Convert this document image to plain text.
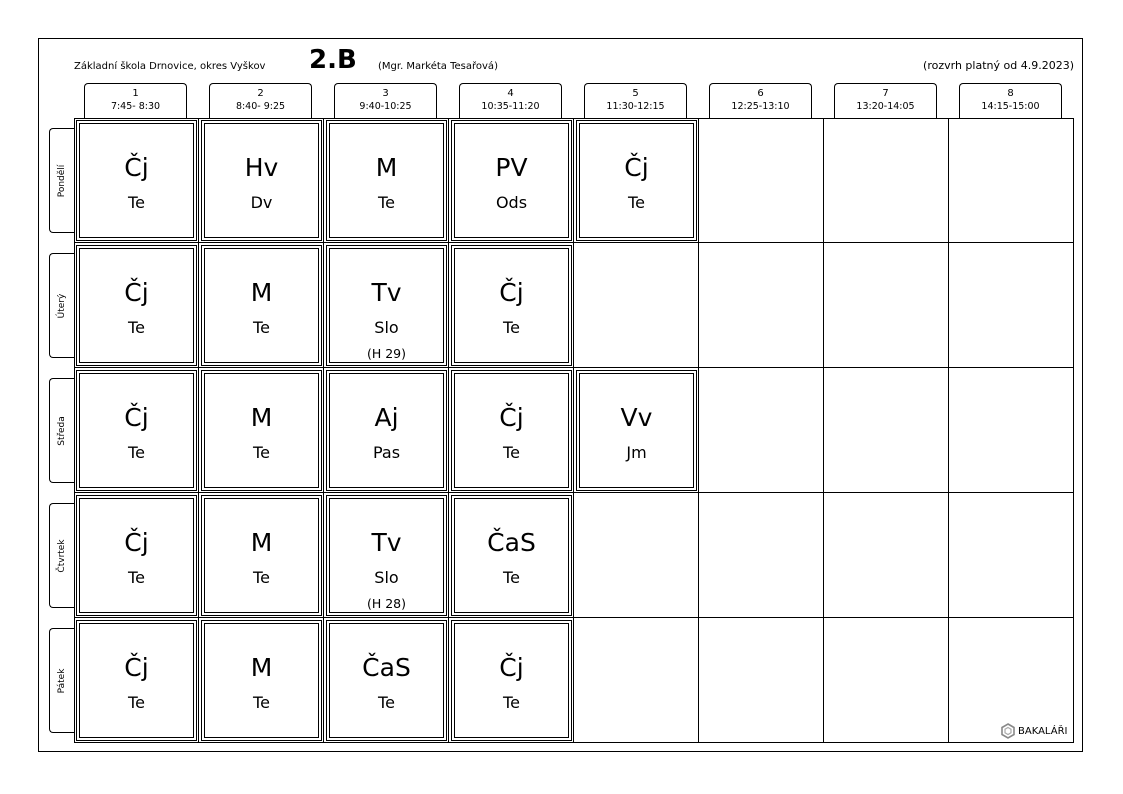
Základní škola Drnovice, okres Vyškov 2.B (Mgr. Markéta Tesařová)	(rozvrh platný od 4.9.2023)
1
7:45- 8:30
2
8:40- 9:25
3
9:40-10:25
4
10:35-11:20
5
11:30-12:15
6
12:25-13:10
7
13:20-14:05
8
14:15-15:00
Pondělí
Úterý
Středa
Čtvrtek
Pátek
Čj
Te
Hv
Dv
M
Te
PV
Ods
Čj
Te
Čj
Te
M
Te
Tv
Slo
(H 29)
Čj
Te
Čj
Te
M
Te
Aj
Pas
Čj
Te
Vv
Jm
Čj
Te
M
Te
Tv
Slo
(H 28)
ČaS
Te
Čj
Te
M
Te
ČaS
Te
Čj
Te
BAKALÁŘI
